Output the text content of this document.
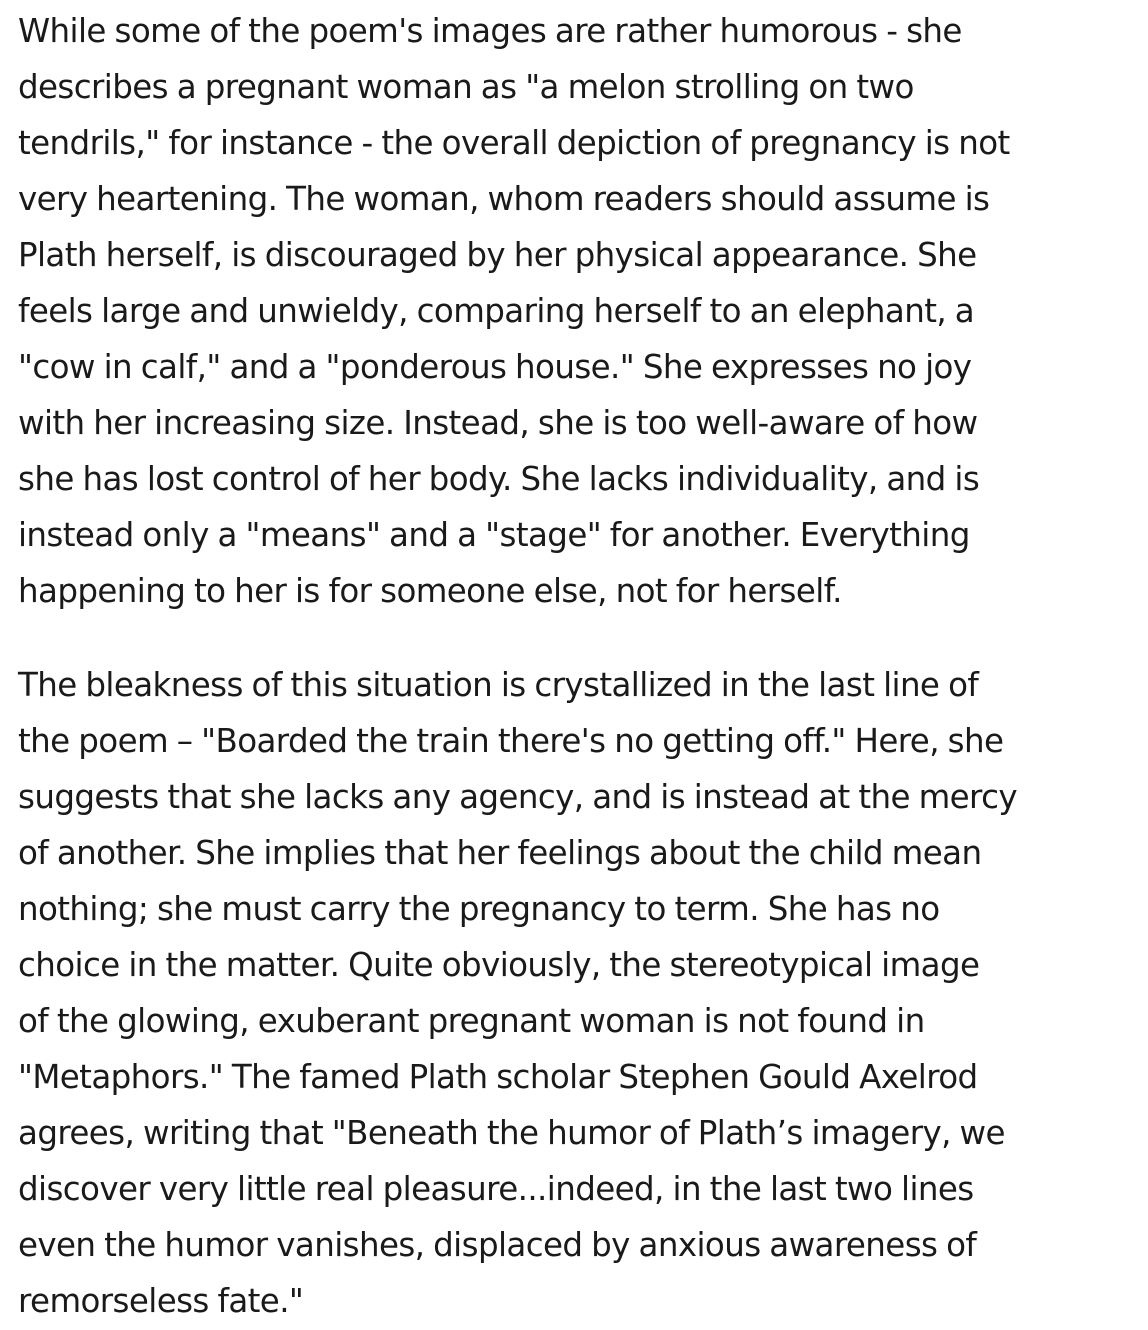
While some of the poem's images are rather humorous - she
describes a pregnant woman as "a melon strolling on two
tendrils," for instance - the overall depiction of pregnancy is not
very heartening. The woman, whom readers should assume is
Plath herself, is discouraged by her physical appearance. She
feels large and unwieldy, comparing herself to an elephant, a
"cow in calf," and a "ponderous house." She expresses no joy
with her increasing size. Instead, she is too well-aware of how
she has lost control of her body. She lacks individuality, and is
instead only a "means" and a "stage" for another. Everything
happening to her is for someone else, not for herself.
The bleakness of this situation is crystallized in the last line of
the poem – "Boarded the train there's no getting off." Here, she
suggests that she lacks any agency, and is instead at the mercy
of another. She implies that her feelings about the child mean
nothing; she must carry the pregnancy to term. She has no
choice in the matter. Quite obviously, the stereotypical image
of the glowing, exuberant pregnant woman is not found in
"Metaphors." The famed Plath scholar Stephen Gould Axelrod
agrees, writing that "Beneath the humor of Plath’s imagery, we
discover very little real pleasure...indeed, in the last two lines
even the humor vanishes, displaced by anxious awareness of
remorseless fate."
